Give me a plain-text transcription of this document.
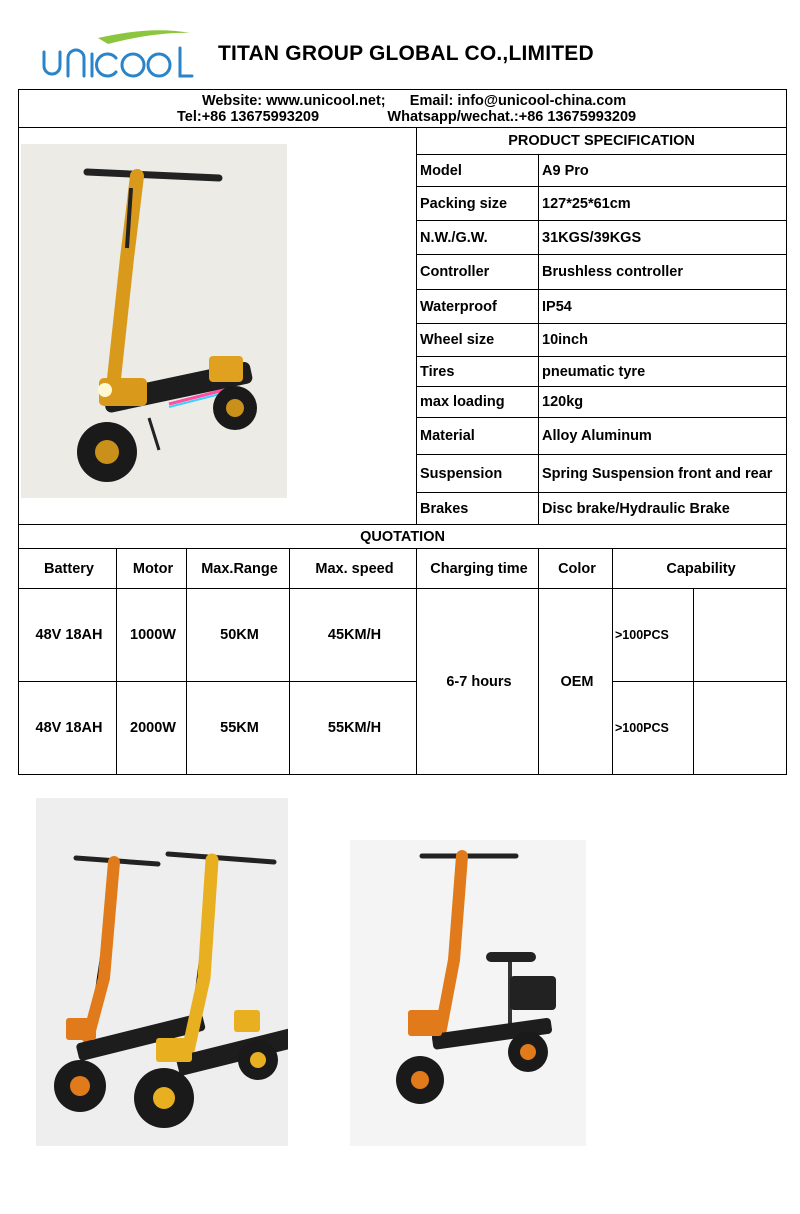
TITAN GROUP GLOBAL CO.,LIMITED
Website: www.unicool.net; Email: info@unicool-china.com
Tel:+86 13675993209 Whatsapp/wechat.:+86 13675993209							

	PRODUCT SPECIFICATION			
				Model	A9 Pro		
				Packing size	127*25*61cm		
				N.W./G.W.	31KGS/39KGS		
				Controller	Brushless controller		
				Waterproof	IP54		
				Wheel size	10inch		
				Tires	pneumatic tyre		
				max loading	120kg		
				Material	Alloy Aluminum		
				Suspension	Spring Suspension front and rear		
				Brakes	Disc brake/Hydraulic Brake		
QUOTATION							
Battery	Motor	Max.Range	Max. speed	Charging time	Color	Capability	
48V 18AH	1000W	50KM	45KM/H	6-7 hours	OEM	>100PCS	
48V 18AH	2000W	55KM	55KM/H			>100PCS	
